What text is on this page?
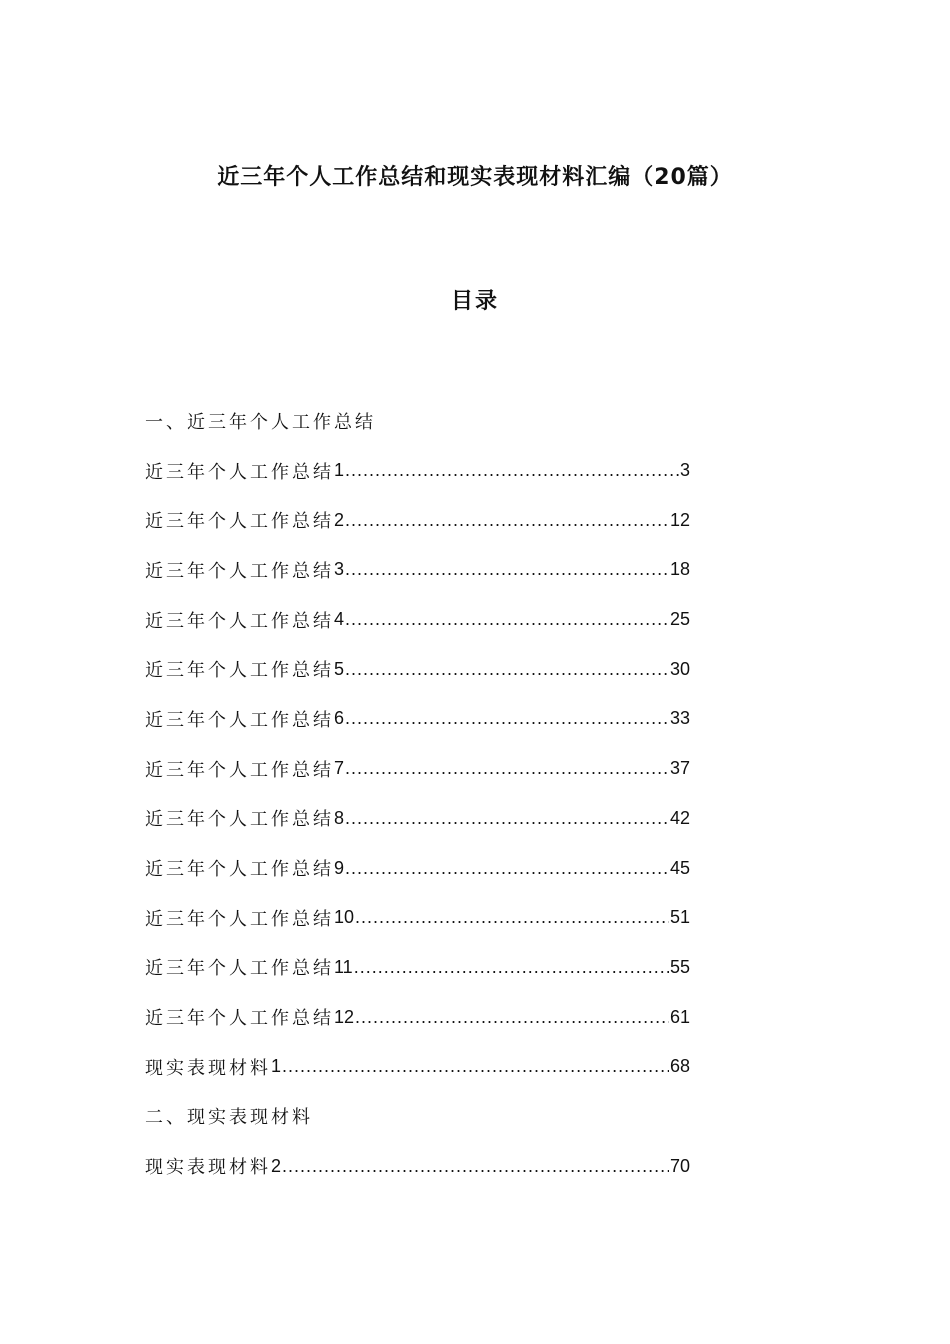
近三年个人工作总结和现实表现材料汇编（20篇）
目录
一、近三年个人工作总结
近三年个人工作总结 1 .....	3
近三年个人工作总结 2 .....	12
近三年个人工作总结 3 .....	18
近三年个人工作总结 4 .....	25
近三年个人工作总结 5 .....	30
近三年个人工作总结 6 .....	33
近三年个人工作总结 7 .....	37
近三年个人工作总结 8 .....	42
近三年个人工作总结 9 .....	45
近三年个人工作总结 10 .....	51
近三年个人工作总结 11 .....	55
近三年个人工作总结 12 .....	61
现实表现材料 1 .....	68
二、现实表现材料
现实表现材料 2 .....	70
